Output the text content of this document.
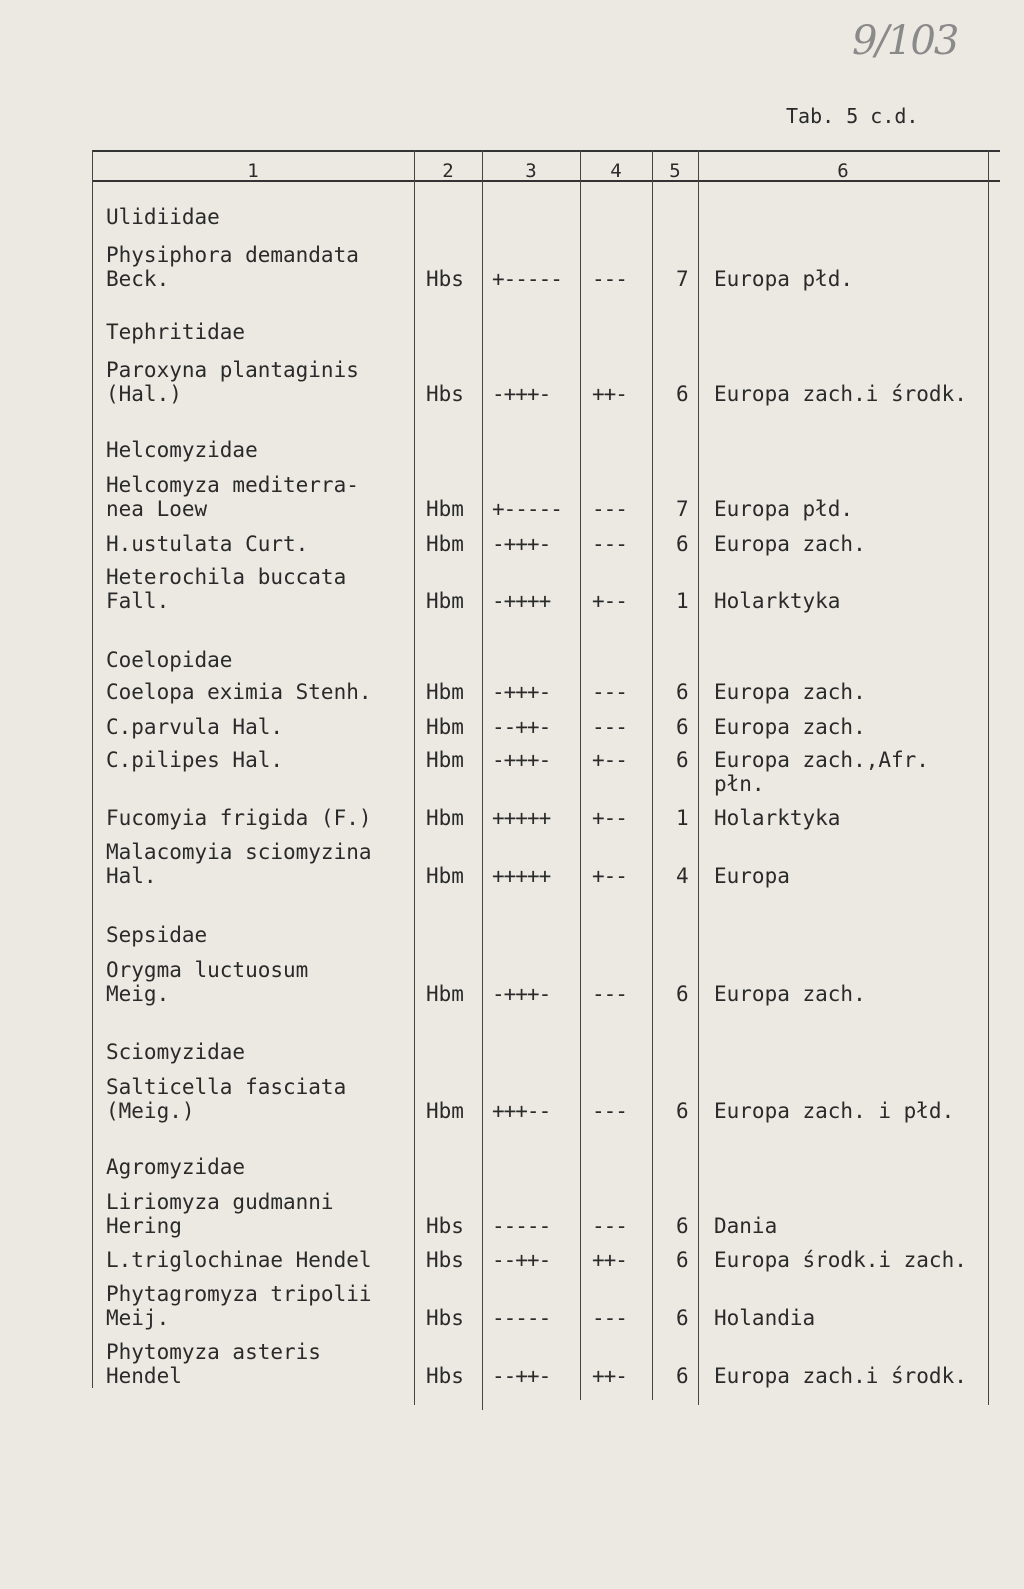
9/103
Tab. 5 c.d.
1	2	3	4	5	6
Ulidiidae
Physiphora demandata
Beck.	Hbs +----- --- 7 Europa płd.
Tephritidae
Paroxyna plantaginis
(Hal.)	Hbs -+++- ++- 6 Europa zach.i środk.
Helcomyzidae
Helcomyza mediterra-
nea Loew	Hbm +----- --- 7 Europa płd.
H.ustulata Curt.	Hbm -+++- --- 6 Europa zach.
Heterochila buccata
Fall.	Hbm -++++ +-- 1 Holarktyka
Coelopidae
Coelopa eximia Stenh.	Hbm -+++- --- 6 Europa zach.
C.parvula Hal.	Hbm --++- --- 6 Europa zach.
C.pilipes Hal.	Hbm -+++- +-- 6 Europa zach.,Afr.
płn.
Fucomyia frigida (F.)	Hbm +++++ +-- 1 Holarktyka
Malacomyia sciomyzina
Hal.	Hbm +++++ +-- 4 Europa
Sepsidae
Orygma luctuosum
Meig.	Hbm -+++- --- 6 Europa zach.
Sciomyzidae
Salticella fasciata
(Meig.)	Hbm +++-- --- 6 Europa zach. i płd.
Agromyzidae
Liriomyza gudmanni
Hering	Hbs ----- --- 6 Dania
L.triglochinae Hendel	Hbs --++- ++- 6 Europa środk.i zach.
Phytagromyza tripolii
Meij.	Hbs ----- --- 6 Holandia
Phytomyza asteris
Hendel	Hbs --++- ++- 6 Europa zach.i środk.
